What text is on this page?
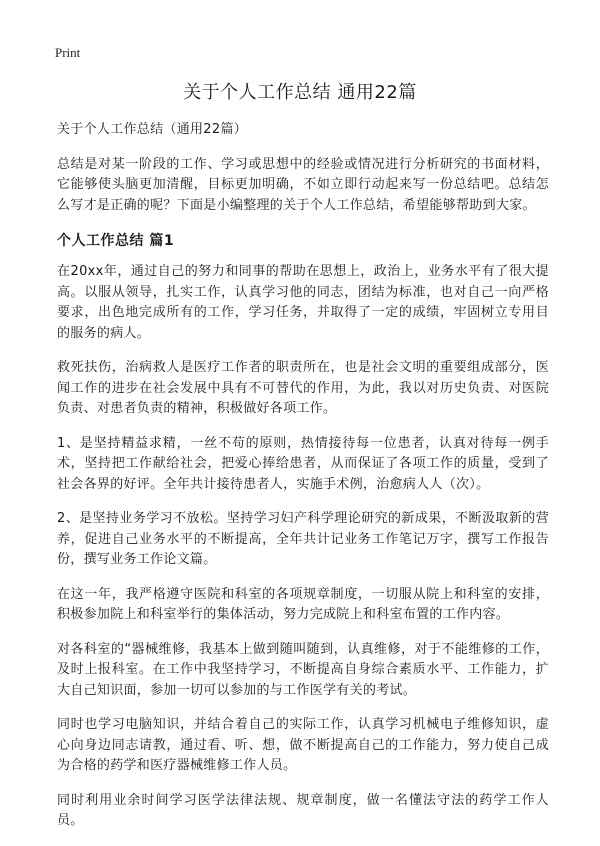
Print
关于个人工作总结 通用22篇

关于个人工作总结（通用22篇）

总结是对某一阶段的工作、学习或思想中的经验或情况进行分析研究的书面材料，它能够使头脑更加清醒，目标更加明确，不如立即行动起来写一份总结吧。总结怎么写才是正确的呢？下面是小编整理的关于个人工作总结，希望能够帮助到大家。

个人工作总结 篇1

在20xx年，通过自己的努力和同事的帮助在思想上，政治上，业务水平有了很大提高。以服从领导，扎实工作，认真学习他的同志，团结为标准，也对自己一向严格要求，出色地完成所有的工作，学习任务，并取得了一定的成绩，牢固树立专用目的服务的病人。

救死扶伤，治病救人是医疗工作者的职责所在，也是社会文明的重要组成部分，医闻工作的进步在社会发展中具有不可替代的作用，为此，我以对历史负责、对医院负责、对患者负责的精神，积极做好各项工作。

1、是坚持精益求精，一丝不苟的原则，热情接待每一位患者，认真对待每一例手术，坚持把工作献给社会，把爱心捧给患者，从而保证了各项工作的质量，受到了社会各界的好评。全年共计接待患者人，实施手术例，治愈病人人（次）。

2、是坚持业务学习不放松。坚持学习妇产科学理论研究的新成果，不断汲取新的营养，促进自己业务水平的不断提高，全年共计记业务工作笔记万字，撰写工作报告份，撰写业务工作论文篇。

在这一年，我严格遵守医院和科室的各项规章制度，一切服从院上和科室的安排，积极参加院上和科室举行的集体活动，努力完成院上和科室布置的工作内容。

对各科室的“器械维修，我基本上做到随叫随到，认真维修，对于不能维修的工作，及时上报科室。在工作中我坚持学习，不断提高自身综合素质水平、工作能力，扩大自己知识面，参加一切可以参加的与工作医学有关的考试。

同时也学习电脑知识，并结合着自己的实际工作，认真学习机械电子维修知识，虚心向身边同志请教，通过看、听、想，做不断提高自己的工作能力，努力使自己成为合格的药学和医疗器械维修工作人员。

同时利用业余时间学习医学法律法规、规章制度，做一名懂法守法的药学工作人员。
